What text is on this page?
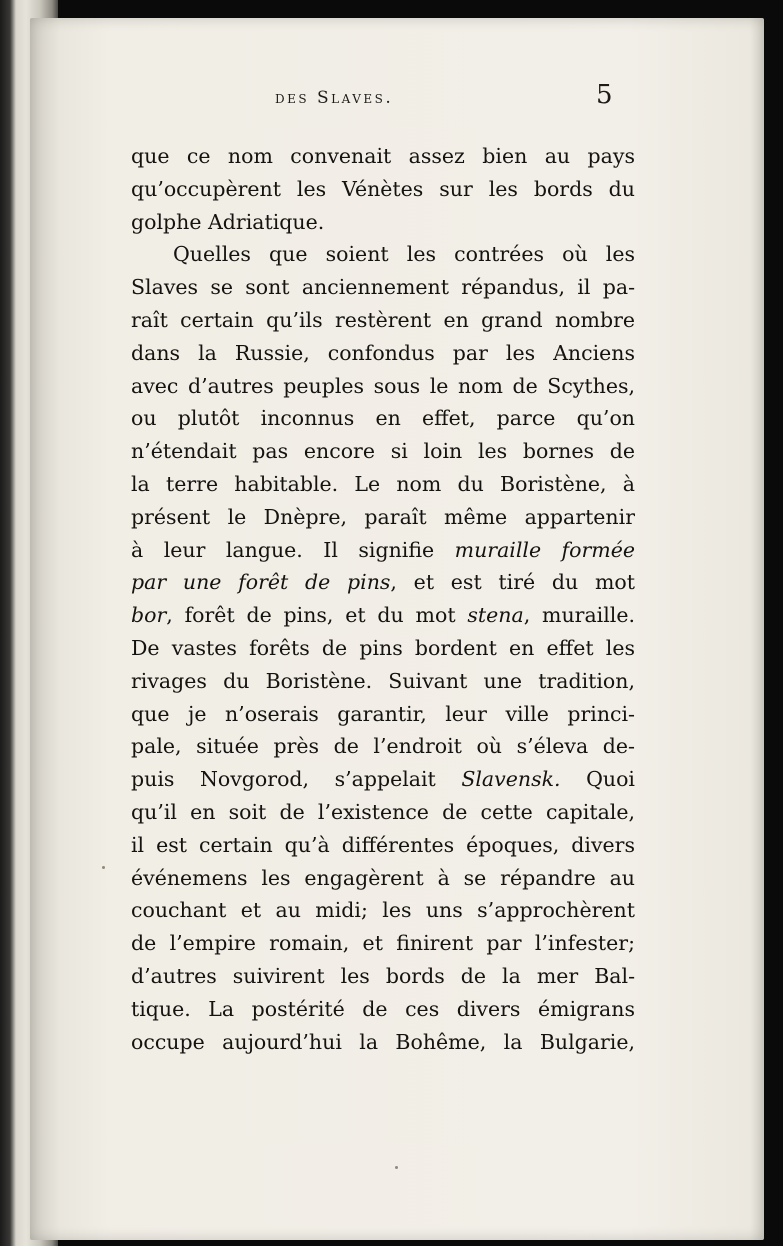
des Slaves.	5
que ce nom convenait assez bien au pays
qu’occupèrent les Vénètes sur les bords du
golphe Adriatique.
Quelles que soient les contrées où les
Slaves se sont anciennement répandus, il pa-
raît certain qu’ils restèrent en grand nombre
dans la Russie, confondus par les Anciens
avec d’autres peuples sous le nom de Scythes,
ou plutôt inconnus en effet, parce qu’on
n’étendait pas encore si loin les bornes de
la terre habitable. Le nom du Boristène, à
présent le Dnèpre, paraît même appartenir
à leur langue. Il signifie muraille formée
par une forêt de pins, et est tiré du mot
bor, forêt de pins, et du mot stena, muraille.
De vastes forêts de pins bordent en effet les
rivages du Boristène. Suivant une tradition,
que je n’oserais garantir, leur ville princi-
pale, située près de l’endroit où s’éleva de-
puis Novgorod, s’appelait Slavensk. Quoi
qu’il en soit de l’existence de cette capitale,
il est certain qu’à différentes époques, divers
événemens les engagèrent à se répandre au
couchant et au midi; les uns s’approchèrent
de l’empire romain, et finirent par l’infester;
d’autres suivirent les bords de la mer Bal-
tique. La postérité de ces divers émigrans
occupe aujourd’hui la Bohême, la Bulgarie,
